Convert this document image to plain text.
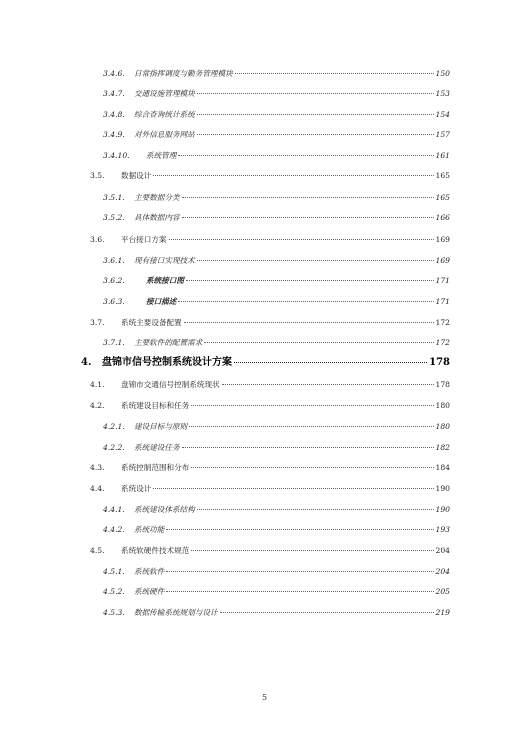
3.4.6.	日常指挥调度与勤务管理模块	150
3.4.7.	交通设施管理模块	153
3.4.8.	综合查询统计系统	154
3.4.9.	对外信息服务网站	157
3.4.10.	系统管理	161
3.5.	数据设计	165
3.5.1.	主要数据分类	165
3.5.2.	具体数据内容	166
3.6.	平台接口方案	169
3.6.1.	现有接口实现技术	169
3.6.2.	系统接口图	171
3.6.3.	接口描述	171
3.7.	系统主要设备配置	172
3.7.1.	主要软件的配置需求	172
4.	盘锦市信号控制系统设计方案	178
4.1.	盘锦市交通信号控制系统现状	178
4.2.	系统建设目标和任务	180
4.2.1.	建设目标与原则	180
4.2.2.	系统建设任务	182
4.3.	系统控制范围和分布	184
4.4.	系统设计	190
4.4.1.	系统建设体系结构	190
4.4.2.	系统功能	193
4.5.	系统软硬件技术规范	204
4.5.1.	系统软件	204
4.5.2.	系统硬件	205
4.5.3.	数据传输系统规划与设计	219
5
